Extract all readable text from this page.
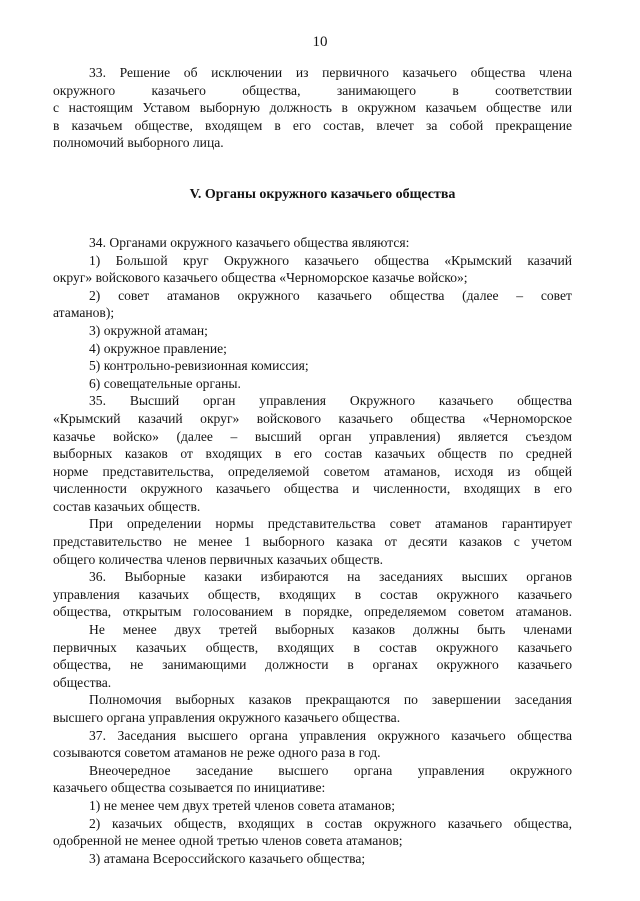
10
33. Решение об исключении из первичного казачьего общества члена
окружного казачьего общества, занимающего в соответствии
с настоящим Уставом выборную должность в окружном казачьем обществе или
в казачьем обществе, входящем в его состав, влечет за собой прекращение
полномочий выборного лица.
V. Органы окружного казачьего общества
34. Органами окружного казачьего общества являются:
1) Большой круг Окружного казачьего общества «Крымский казачий
округ» войскового казачьего общества «Черноморское казачье войско»;
2) совет атаманов окружного казачьего общества (далее – совет
атаманов);
3) окружной атаман;
4) окружное правление;
5) контрольно-ревизионная комиссия;
6) совещательные органы.
35. Высший орган управления Окружного казачьего общества
«Крымский казачий округ» войскового казачьего общества «Черноморское
казачье войско» (далее – высший орган управления) является съездом
выборных казаков от входящих в его состав казачьих обществ по средней
норме представительства, определяемой советом атаманов, исходя из общей
численности окружного казачьего общества и численности, входящих в его
состав казачьих обществ.
При определении нормы представительства совет атаманов гарантирует
представительство не менее 1 выборного казака от десяти казаков с учетом
общего количества членов первичных казачьих обществ.
36. Выборные казаки избираются на заседаниях высших органов
управления казачьих обществ, входящих в состав окружного казачьего
общества, открытым голосованием в порядке, определяемом советом атаманов.
Не менее двух третей выборных казаков должны быть членами
первичных казачьих обществ, входящих в состав окружного казачьего
общества, не занимающими должности в органах окружного казачьего
общества.
Полномочия выборных казаков прекращаются по завершении заседания
высшего органа управления окружного казачьего общества.
37. Заседания высшего органа управления окружного казачьего общества
созываются советом атаманов не реже одного раза в год.
Внеочередное заседание высшего органа управления окружного
казачьего общества созывается по инициативе:
1) не менее чем двух третей членов совета атаманов;
2) казачьих обществ, входящих в состав окружного казачьего общества,
одобренной не менее одной третью членов совета атаманов;
3) атамана Всероссийского казачьего общества;
